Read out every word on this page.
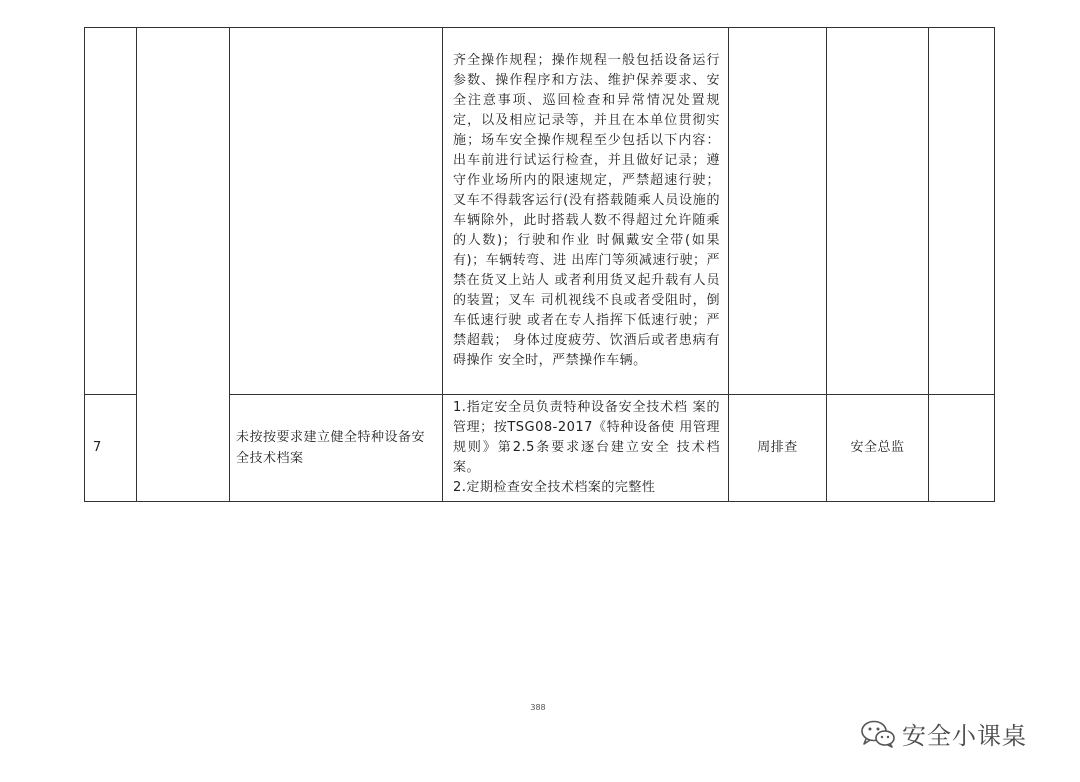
			齐全操作规程；操作规程一般包括设备运行参数、操作程序和方法、维护保养要求、安全注意事项、巡回检查和异常情况处置规定，以及相应记录等，并且在本单位贯彻实施；场车安全操作规程至少包括以下内容：出车前进行试运行检查，并且做好记录；遵守作业场所内的限速规定，严禁超速行驶；叉车不得载客运行(没有搭载随乘人员设施的车辆除外，此时搭载人数不得超过允许随乘的人数)；行驶和作业 时佩戴安全带(如果有)；车辆转弯、进 出库门等须减速行驶；严禁在货叉上站人 或者利用货叉起升载有人员的装置；叉车 司机视线不良或者受阻时，倒车低速行驶 或者在专人指挥下低速行驶；严禁超载； 身体过度疲劳、饮酒后或者患病有碍操作 安全时，严禁操作车辆。			

7		未按按要求建立健全特种设备安全技术档案	1.指定安全员负责特种设备安全技术档 案的管理；按TSG08-2017《特种设备使 用管理规则》第2.5条要求逐台建立安全 技术档案。
2.定期检查安全技术档案的完整性	周排查	安全总监	
388
安全小课桌
